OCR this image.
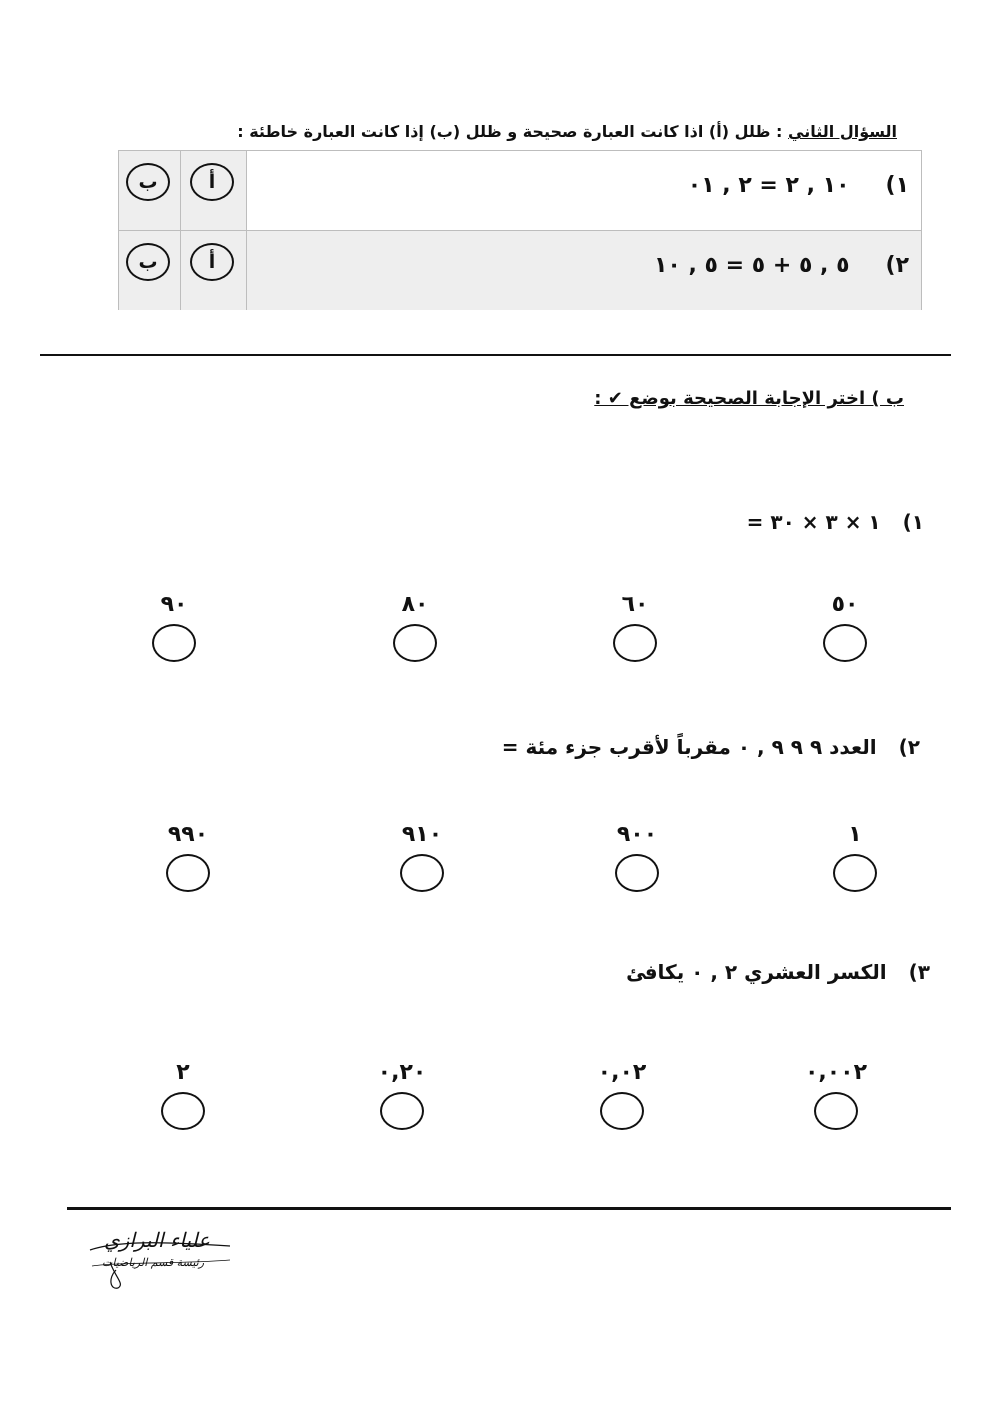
السؤال الثاني : ظلل (أ) اذا كانت العبارة صحيحة و ظلل (ب) إذا كانت العبارة خاطئة :
ب	أ	١)١٠ , ٢ = ٢ , ٠١
ب	أ	٢)٥ , ٥ + ٥ = ٥ , ١٠
ب ) اختر الإجابة الصحيحة بوضع ✔ :
١)١ × ٣ × ٣٠ =
٩٠	٨٠	٦٠	٥٠
٢)العدد ٩ ٩ ٩ , ٠ مقرباً لأقرب جزء مئة =
٩٩٠	٩١٠	٩٠٠	١
٣)الكسر العشري ٢ , ٠ يكافئ
٢	٠,٢٠	٠,٠٢	٠,٠٠٢
علياء البرازي
رئيسة قسم الرياضيات
